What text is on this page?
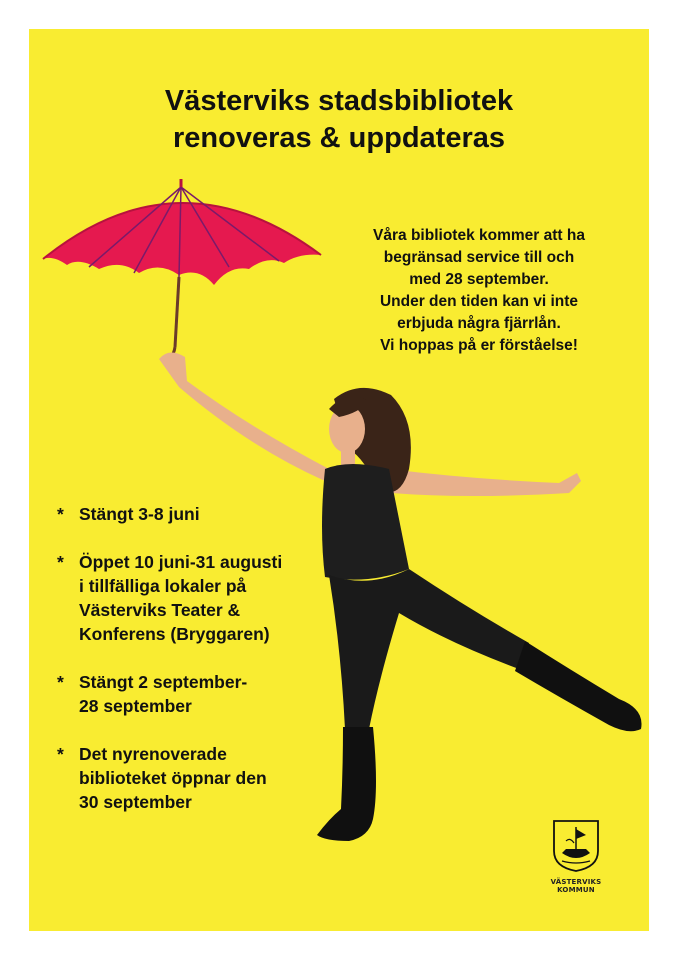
Västerviks stadsbibliotek
renoveras & uppdateras
Våra bibliotek kommer att ha
begränsad service till och
med 28 september.
Under den tiden kan vi inte
erbjuda några fjärrlån.
Vi hoppas på er förståelse!
* Stängt 3-8 juni
* Öppet 10 juni-31 augusti
i tillfälliga lokaler på
Västerviks Teater &
Konferens (Bryggaren)
* Stängt 2 september-
28 september
* Det nyrenoverade
biblioteket öppnar den
30 september
VÄSTERVIKS
KOMMUN
